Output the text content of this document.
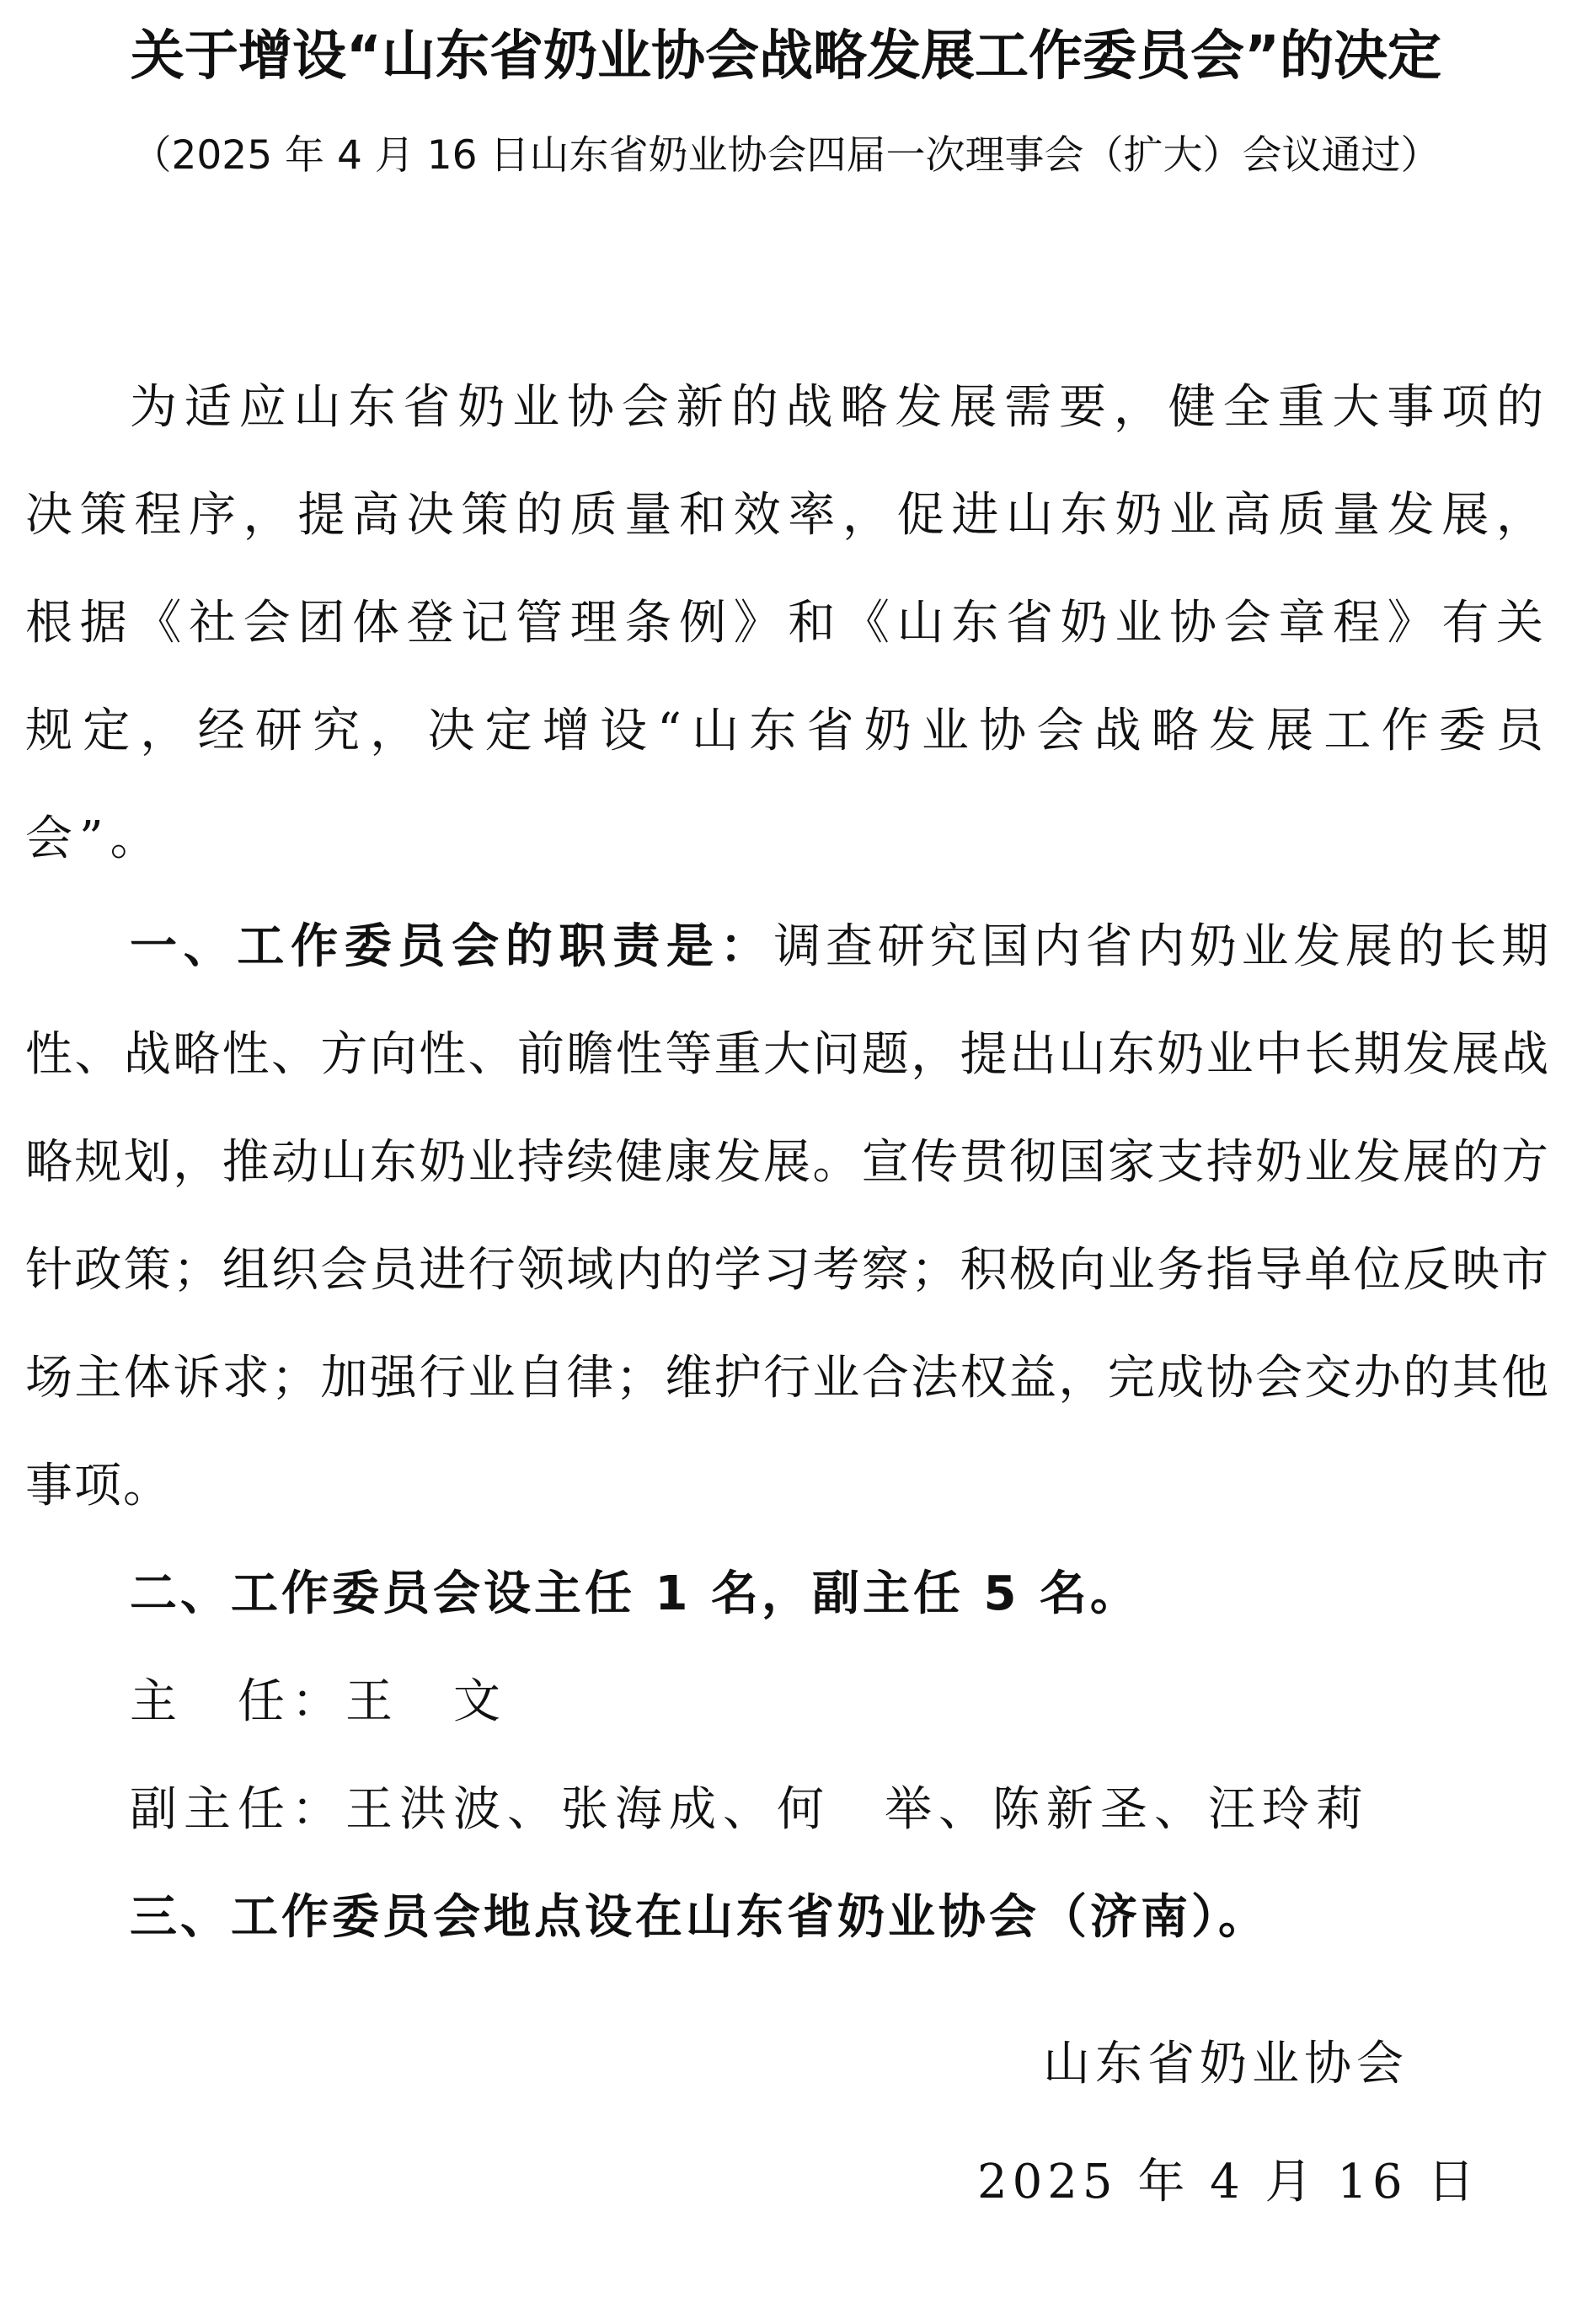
关于增设“山东省奶业协会战略发展工作委员会”的决定
（2025 年 4 月 16 日山东省奶业协会四届一次理事会（扩大）会议通过）

为适应山东省奶业协会新的战略发展需要，健全重大事项的决策程序，提高决策的质量和效率，促进山东奶业高质量发展，根据《社会团体登记管理条例》和《山东省奶业协会章程》有关规定，经研究，决定增设“山东省奶业协会战略发展工作委员会”。

一、工作委员会的职责是：调查研究国内省内奶业发展的长期性、战略性、方向性、前瞻性等重大问题，提出山东奶业中长期发展战略规划，推动山东奶业持续健康发展。宣传贯彻国家支持奶业发展的方针政策；组织会员进行领域内的学习考察；积极向业务指导单位反映市场主体诉求；加强行业自律；维护行业合法权益，完成协会交办的其他事项。

二、工作委员会设主任 1 名，副主任 5 名。

主　任：王　文

副主任：王洪波、张海成、何　举、陈新圣、汪玲莉

三、工作委员会地点设在山东省奶业协会（济南）。

山东省奶业协会
2025 年 4 月 16 日
